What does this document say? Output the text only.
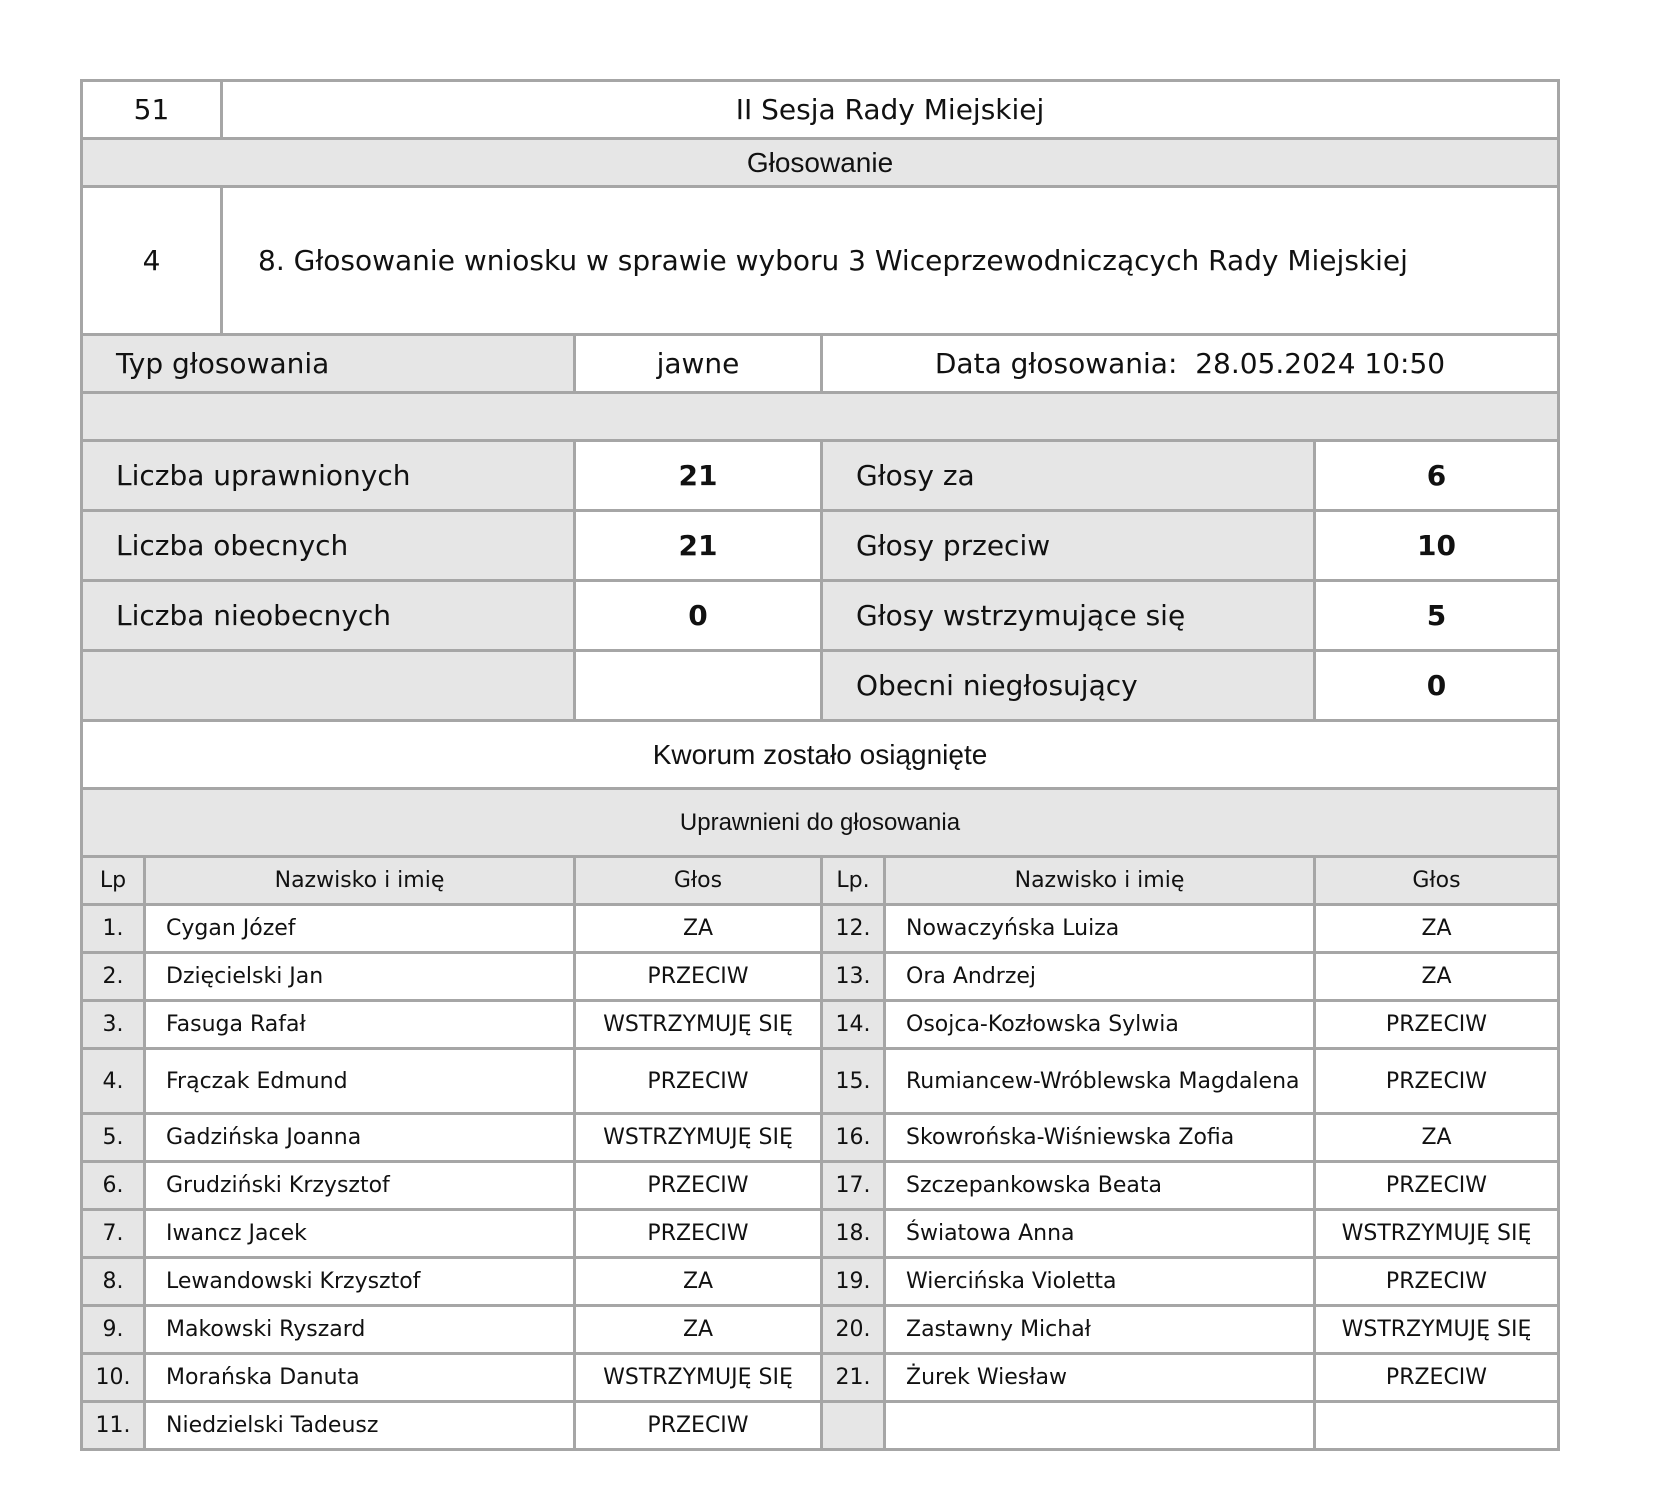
51	II Sesja Rady Miejskiej
Głosowanie
4	8. Głosowanie wniosku w sprawie wyboru 3 Wiceprzewodniczących Rady Miejskiej
Typ głosowania	jawne	Data głosowania: 28.05.2024 10:50

Liczba uprawnionych	21	Głosy za	6
Liczba obecnych	21	Głosy przeciw	10
Liczba nieobecnych	0	Głosy wstrzymujące się	5
		Obecni niegłosujący	0
Kworum zostało osiągnięte
Uprawnieni do głosowania
Lp	Nazwisko i imię	Głos	Lp.	Nazwisko i imię	Głos
1.	Cygan Józef	ZA	12.	Nowaczyńska Luiza	ZA
2.	Dzięcielski Jan	PRZECIW	13.	Ora Andrzej	ZA
3.	Fasuga Rafał	WSTRZYMUJĘ SIĘ	14.	Osojca-Kozłowska Sylwia	PRZECIW
4.	Frączak Edmund	PRZECIW	15.	Rumiancew-Wróblewska Magdalena	PRZECIW
5.	Gadzińska Joanna	WSTRZYMUJĘ SIĘ	16.	Skowrońska-Wiśniewska Zofia	ZA
6.	Grudziński Krzysztof	PRZECIW	17.	Szczepankowska Beata	PRZECIW
7.	Iwancz Jacek	PRZECIW	18.	Światowa Anna	WSTRZYMUJĘ SIĘ
8.	Lewandowski Krzysztof	ZA	19.	Wiercińska Violetta	PRZECIW
9.	Makowski Ryszard	ZA	20.	Zastawny Michał	WSTRZYMUJĘ SIĘ
10.	Morańska Danuta	WSTRZYMUJĘ SIĘ	21.	Żurek Wiesław	PRZECIW
11.	Niedzielski Tadeusz	PRZECIW			
